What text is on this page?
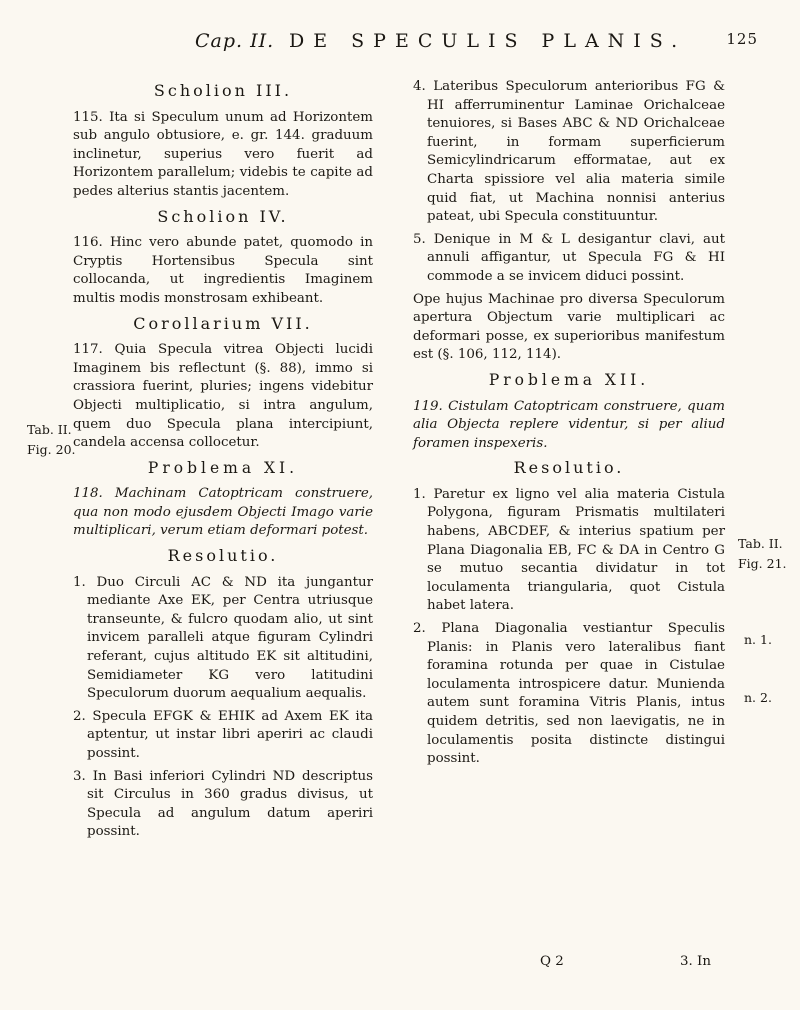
Cap. II. DE SPECULIS PLANIS.	125
Scholion III.

115. Ita si Speculum unum ad Horizontem sub angulo obtusiore, e. gr. 144. graduum inclinetur, superius vero fuerit ad Horizontem parallelum; videbis te capite ad pedes alterius stantis jacentem.

Scholion IV.

116. Hinc vero abunde patet, quomodo in Cryptis Hortensibus Specula sint collocanda, ut ingredientis Imaginem multis modis monstrosam exhibeant.

Corollarium VII.

117. Quia Specula vitrea Objecti lucidi Imaginem bis reflectunt (§. 88), immo si crassiora fuerint, pluries; ingens videbitur Objecti multiplicatio, si intra angulum, quem duo Specula plana intercipiunt, candela accensa collocetur.

Problema XI.

118. Machinam Catoptricam construere, qua non modo ejusdem Objecti Imago varie multiplicari, verum etiam deformari potest.

Resolutio.
1. Duo Circuli AC & ND ita jungantur mediante Axe EK, per Centra utriusque transeunte, & fulcro quodam alio, ut sint invicem paralleli atque figuram Cylindri referant, cujus altitudo EK sit altitudini, Semidiameter KG vero latitudini Speculorum duorum aequalium aequalis.
2. Specula EFGK & EHIK ad Axem EK ita aptentur, ut instar libri aperiri ac claudi possint.
3. In Basi inferiori Cylindri ND descriptus sit Circulus in 360 gradus divisus, ut Specula ad angulum datum aperiri possint.
Tab. II.
Fig. 20.
4. Lateribus Speculorum anterioribus FG & HI afferruminentur Laminae Orichalceae tenuiores, si Bases ABC & ND Orichalceae fuerint, in formam superficierum Semicylindricarum efformatae, aut ex Charta spissiore vel alia materia simile quid fiat, ut Machina nonnisi anterius pateat, ubi Specula constituuntur.
5. Denique in M & L desigantur clavi, aut annuli affigantur, ut Specula FG & HI commode a se invicem diduci possint.

Ope hujus Machinae pro diversa Speculorum apertura Objectum varie multiplicari ac deformari posse, ex superioribus manifestum est (§. 106, 112, 114).

Problema XII.

119. Cistulam Catoptricam construere, quam alia Objecta replere videntur, si per aliud foramen inspexeris.

Resolutio.
1. Paretur ex ligno vel alia materia Cistula Polygona, figuram Prismatis multilateri habens, ABCDEF, & interius spatium per Plana Diagonalia EB, FC & DA in Centro G se mutuo secantia dividatur in tot loculamenta triangularia, quot Cistula habet latera.
2. Plana Diagonalia vestiantur Speculis Planis: in Planis vero lateralibus fiant foramina rotunda per quae in Cistulae loculamenta introspicere datur. Munienda autem sunt foramina Vitris Planis, intus quidem detritis, sed non laevigatis, ne in loculamentis posita distincte distingui possint.
Tab. II.
Fig. 21.
n. 1.
n. 2.
Q 2	3. In
